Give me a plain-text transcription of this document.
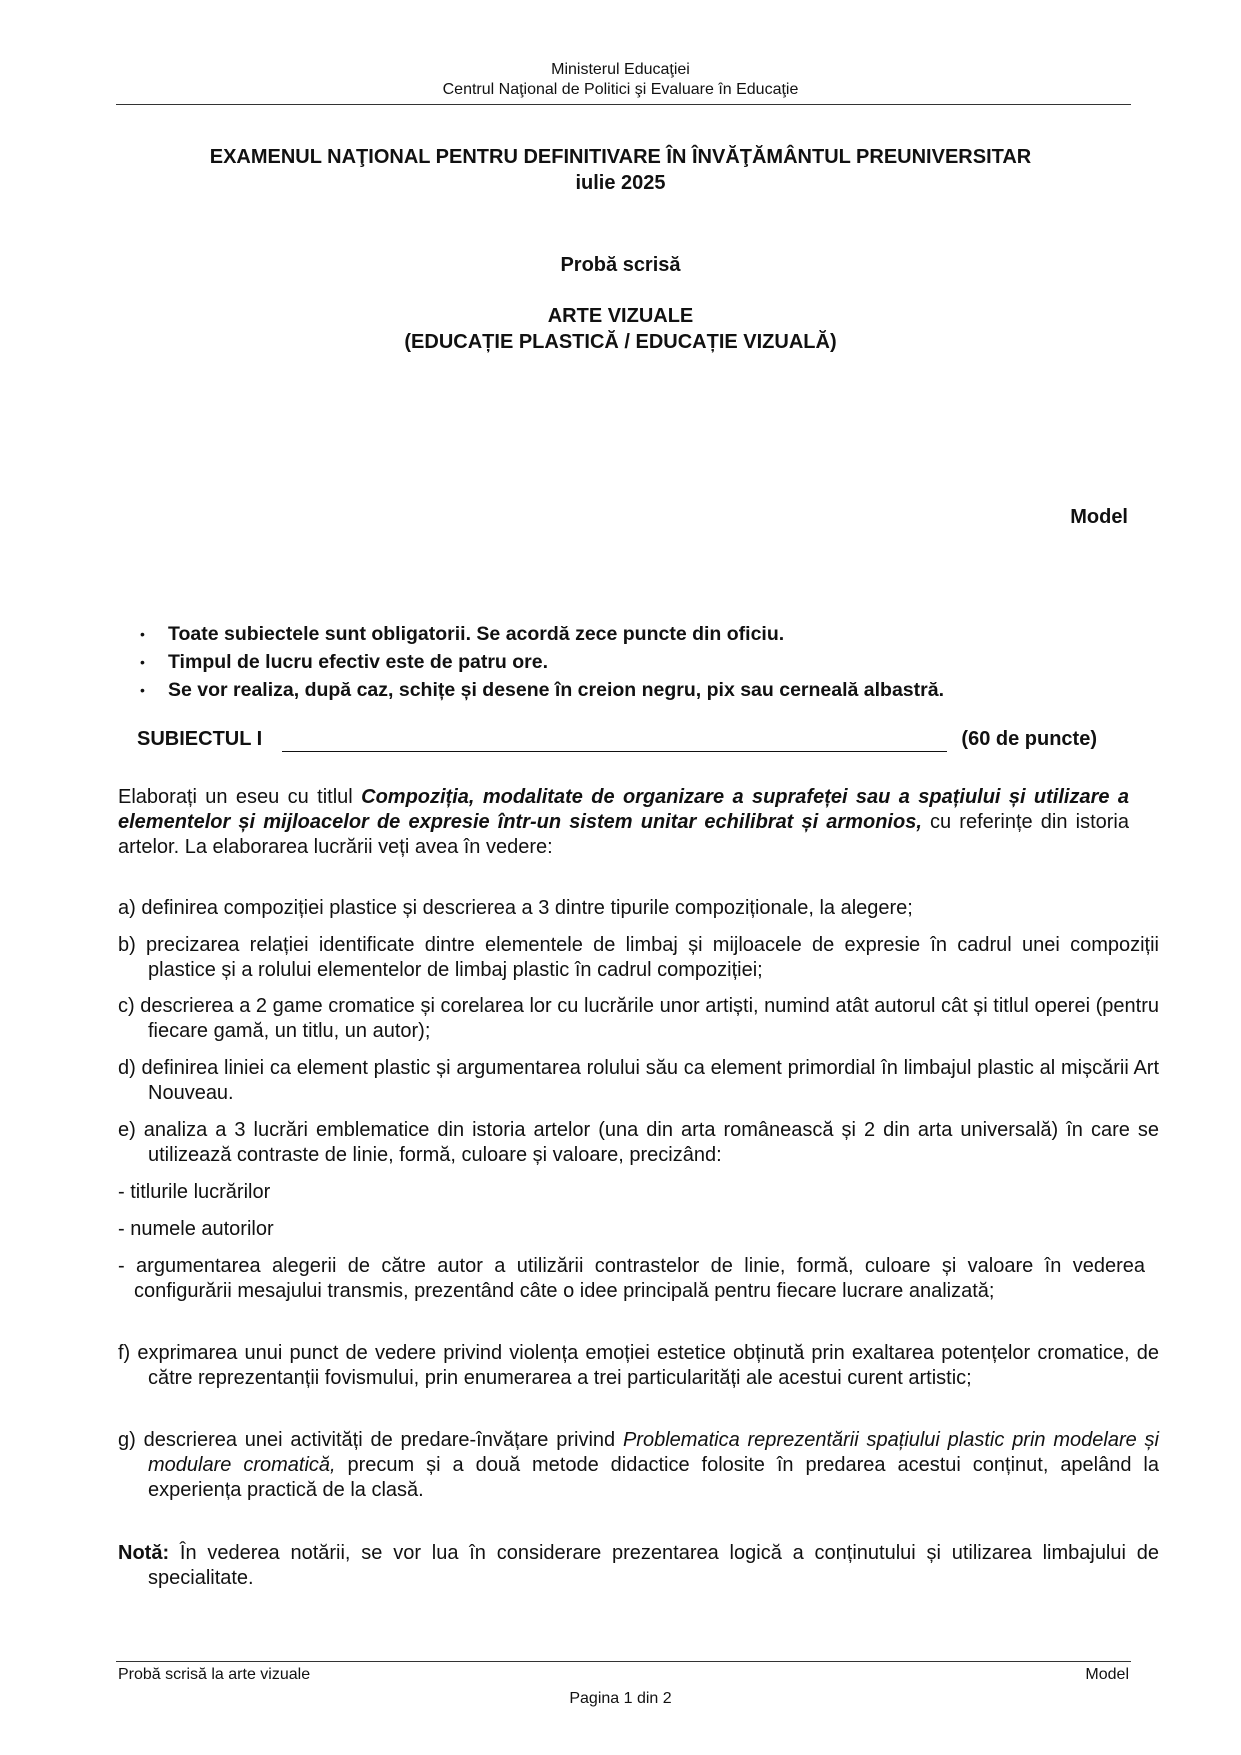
Ministerul Educaţiei
Centrul Naţional de Politici şi Evaluare în Educaţie
EXAMENUL NAŢIONAL PENTRU DEFINITIVARE ÎN ÎNVĂŢĂMÂNTUL PREUNIVERSITAR
iulie 2025
Probă scrisă
ARTE VIZUALE
(EDUCAȚIE PLASTICĂ / EDUCAȚIE VIZUALĂ)
Model
• Toate subiectele sunt obligatorii. Se acordă zece puncte din oficiu.
• Timpul de lucru efectiv este de patru ore.
• Se vor realiza, după caz, schițe și desene în creion negru, pix sau cerneală albastră.
SUBIECTUL I	(60 de puncte)
Elaborați un eseu cu titlul Compoziția, modalitate de organizare a suprafeței sau a spațiului și utilizare a elementelor și mijloacelor de expresie într-un sistem unitar echilibrat și armonios, cu referințe din istoria artelor. La elaborarea lucrării veți avea în vedere:
a) definirea compoziției plastice și descrierea a 3 dintre tipurile compoziționale, la alegere;
b) precizarea relației identificate dintre elementele de limbaj și mijloacele de expresie în cadrul unei compoziții plastice și a rolului elementelor de limbaj plastic în cadrul compoziției;
c) descrierea a 2 game cromatice și corelarea lor cu lucrările unor artiști, numind atât autorul cât și titlul operei (pentru fiecare gamă, un titlu, un autor);
d) definirea liniei ca element plastic și argumentarea rolului său ca element primordial în limbajul plastic al mișcării Art Nouveau.
e) analiza a 3 lucrări emblematice din istoria artelor (una din arta românească și 2 din arta universală) în care se utilizează contraste de linie, formă, culoare și valoare, precizând:
- titlurile lucrărilor
- numele autorilor
- argumentarea alegerii de către autor a utilizării contrastelor de linie, formă, culoare și valoare în vederea configurării mesajului transmis, prezentând câte o idee principală pentru fiecare lucrare analizată;
f) exprimarea unui punct de vedere privind violența emoției estetice obținută prin exaltarea potențelor cromatice, de către reprezentanții fovismului, prin enumerarea a trei particularități ale acestui curent artistic;
g) descrierea unei activități de predare-învățare privind Problematica reprezentării spațiului plastic prin modelare și modulare cromatică, precum și a două metode didactice folosite în predarea acestui conținut, apelând la experiența practică de la clasă.
Notă: În vederea notării, se vor lua în considerare prezentarea logică a conținutului și utilizarea limbajului de specialitate.
Probă scrisă la arte vizuale	Model
Pagina 1 din 2
